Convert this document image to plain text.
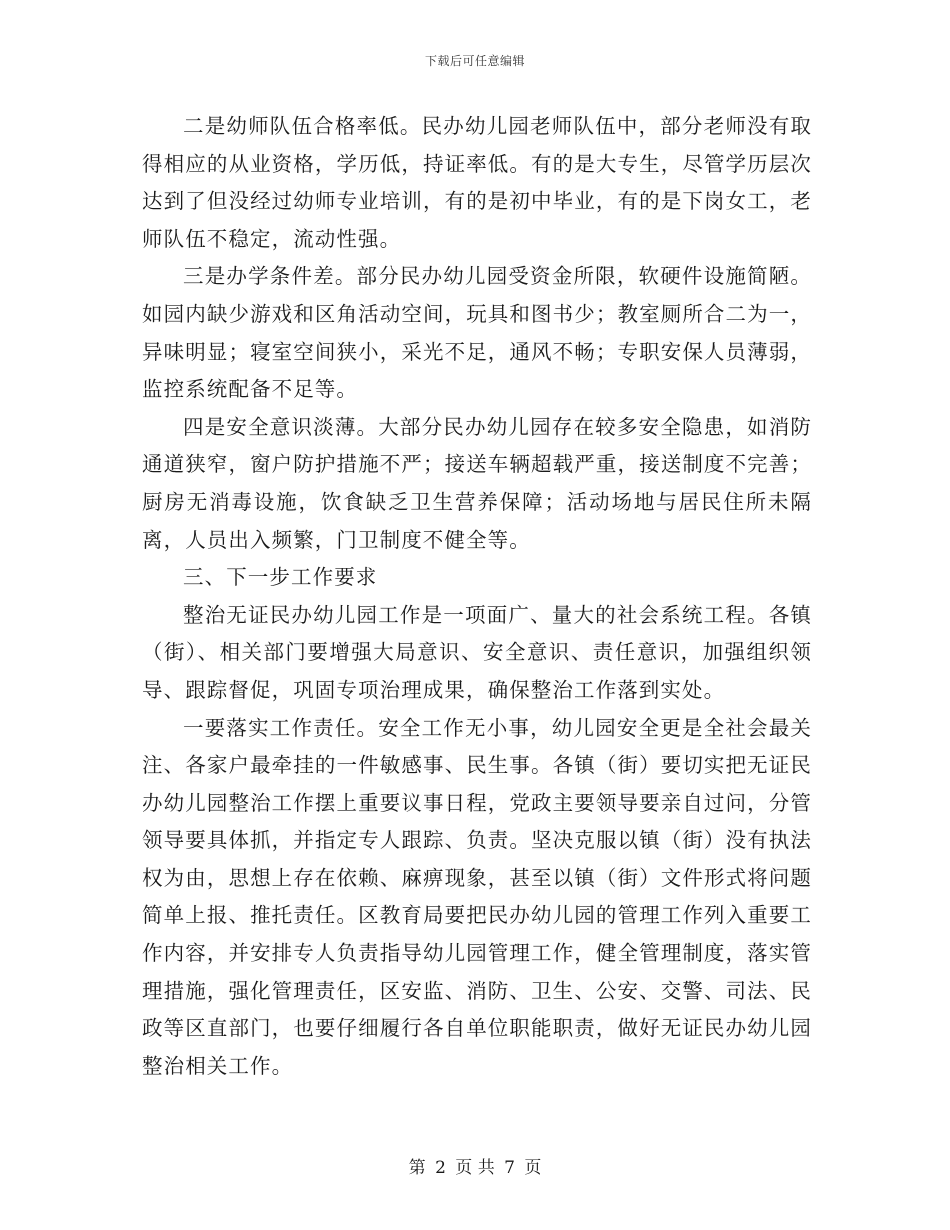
下载后可任意编辑

二是幼师队伍合格率低。民办幼儿园老师队伍中，部分老师没有取得相应的从业资格，学历低，持证率低。有的是大专生，尽管学历层次达到了但没经过幼师专业培训，有的是初中毕业，有的是下岗女工，老师队伍不稳定，流动性强。

三是办学条件差。部分民办幼儿园受资金所限，软硬件设施简陋。如园内缺少游戏和区角活动空间，玩具和图书少；教室厕所合二为一，异味明显；寝室空间狭小，采光不足，通风不畅；专职安保人员薄弱，监控系统配备不足等。

四是安全意识淡薄。大部分民办幼儿园存在较多安全隐患，如消防通道狭窄，窗户防护措施不严；接送车辆超载严重，接送制度不完善；厨房无消毒设施，饮食缺乏卫生营养保障；活动场地与居民住所未隔离，人员出入频繁，门卫制度不健全等。

三、下一步工作要求

整治无证民办幼儿园工作是一项面广、量大的社会系统工程。各镇（街）、相关部门要增强大局意识、安全意识、责任意识，加强组织领导、跟踪督促，巩固专项治理成果，确保整治工作落到实处。

一要落实工作责任。安全工作无小事，幼儿园安全更是全社会最关注、各家户最牵挂的一件敏感事、民生事。各镇（街）要切实把无证民办幼儿园整治工作摆上重要议事日程，党政主要领导要亲自过问，分管领导要具体抓，并指定专人跟踪、负责。坚决克服以镇（街）没有执法权为由，思想上存在依赖、麻痹现象，甚至以镇（街）文件形式将问题简单上报、推托责任。区教育局要把民办幼儿园的管理工作列入重要工作内容，并安排专人负责指导幼儿园管理工作，健全管理制度，落实管理措施，强化管理责任，区安监、消防、卫生、公安、交警、司法、民政等区直部门，也要仔细履行各自单位职能职责，做好无证民办幼儿园整治相关工作。

第 2 页 共 7 页
